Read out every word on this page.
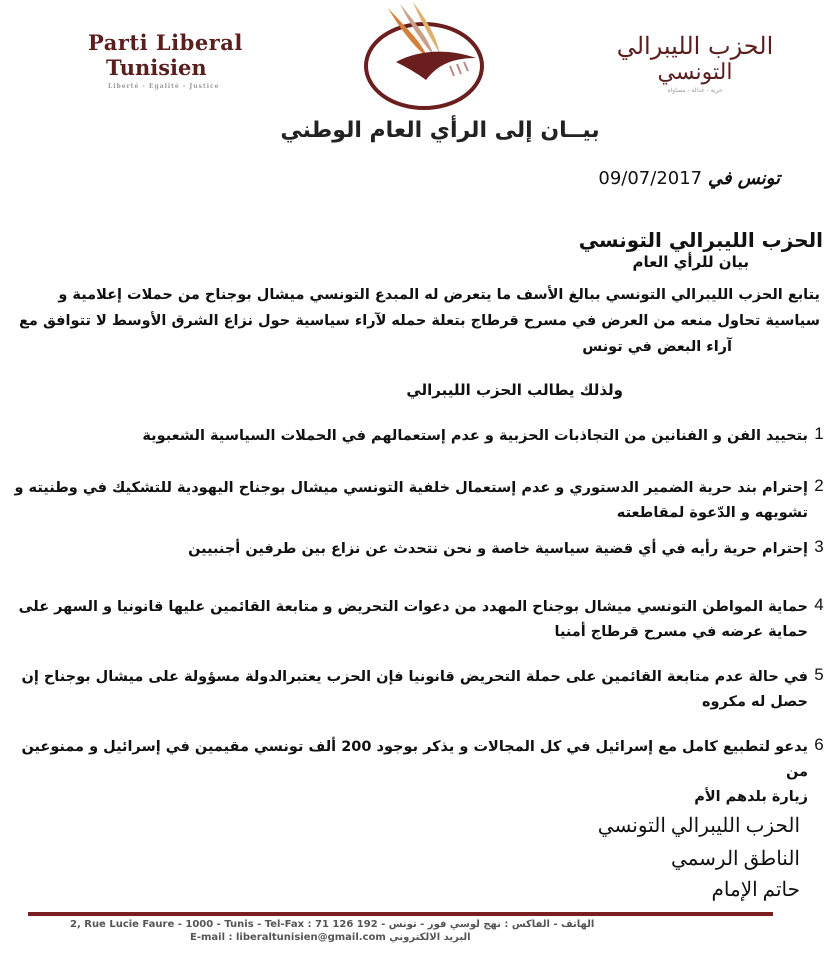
Parti Liberal
Tunisien
Liberté - Egalité - Justice
الحزب الليبرالي
التونسي
حرية - عدالة - مساواة
بيــان إلى الرأي العام الوطني
09/07/2017 تونس في
الحزب الليبرالي التونسي
بيان للرأي العام
يتابع الحزب الليبرالي التونسي ببالغ الأسف ما يتعرض له المبدع التونسي ميشال بوجناح من حملات إعلامية و
سياسية تحاول منعه من العرض في مسرح قرطاج بتعلة حمله لآراء سياسية حول نزاع الشرق الأوسط لا تتوافق مع
آراء البعض في تونس
ولذلك يطالب الحزب الليبرالي
1
بتحييد الفن و الفنانين من التجاذبات الحزبية و عدم إستعمالهم في الحملات السياسية الشعبوية
2
إحترام بند حرية الضمير الدستوري و عدم إستعمال خلفية التونسي ميشال بوجناح اليهودية للتشكيك في وطنيته و
تشويهه و الدّعوة لمقاطعته
3
إحترام حرية رأيه في أي قضية سياسية خاصة و نحن نتحدث عن نزاع بين طرفين أجنبيين
4
حماية المواطن التونسي ميشال بوجناح المهدد من دعوات التحريض و متابعة القائمين عليها قانونيا و السهر على
حماية عرضه في مسرح قرطاج أمنيا
5
في حالة عدم متابعة القائمين على حملة التحريض قانونيا فإن الحزب يعتبرالدولة مسؤولة على ميشال بوجناح إن
حصل له مكروه
6
يدعو لتطبيع كامل مع إسرائيل في كل المجالات و يذكر بوجود 200 ألف تونسي مقيمين في إسرائيل و ممنوعين من
زيارة بلدهم الأم
الحزب الليبرالي التونسي
الناطق الرسمي
حاتم الإمام
2, Rue Lucie Faure - 1000 - Tunis - Tel-Fax : 71 126 192 - الهاتف - الفاكس : نهج لوسي فور - تونس
E-mail : liberaltunisien@gmail.com البريد الالكتروني
